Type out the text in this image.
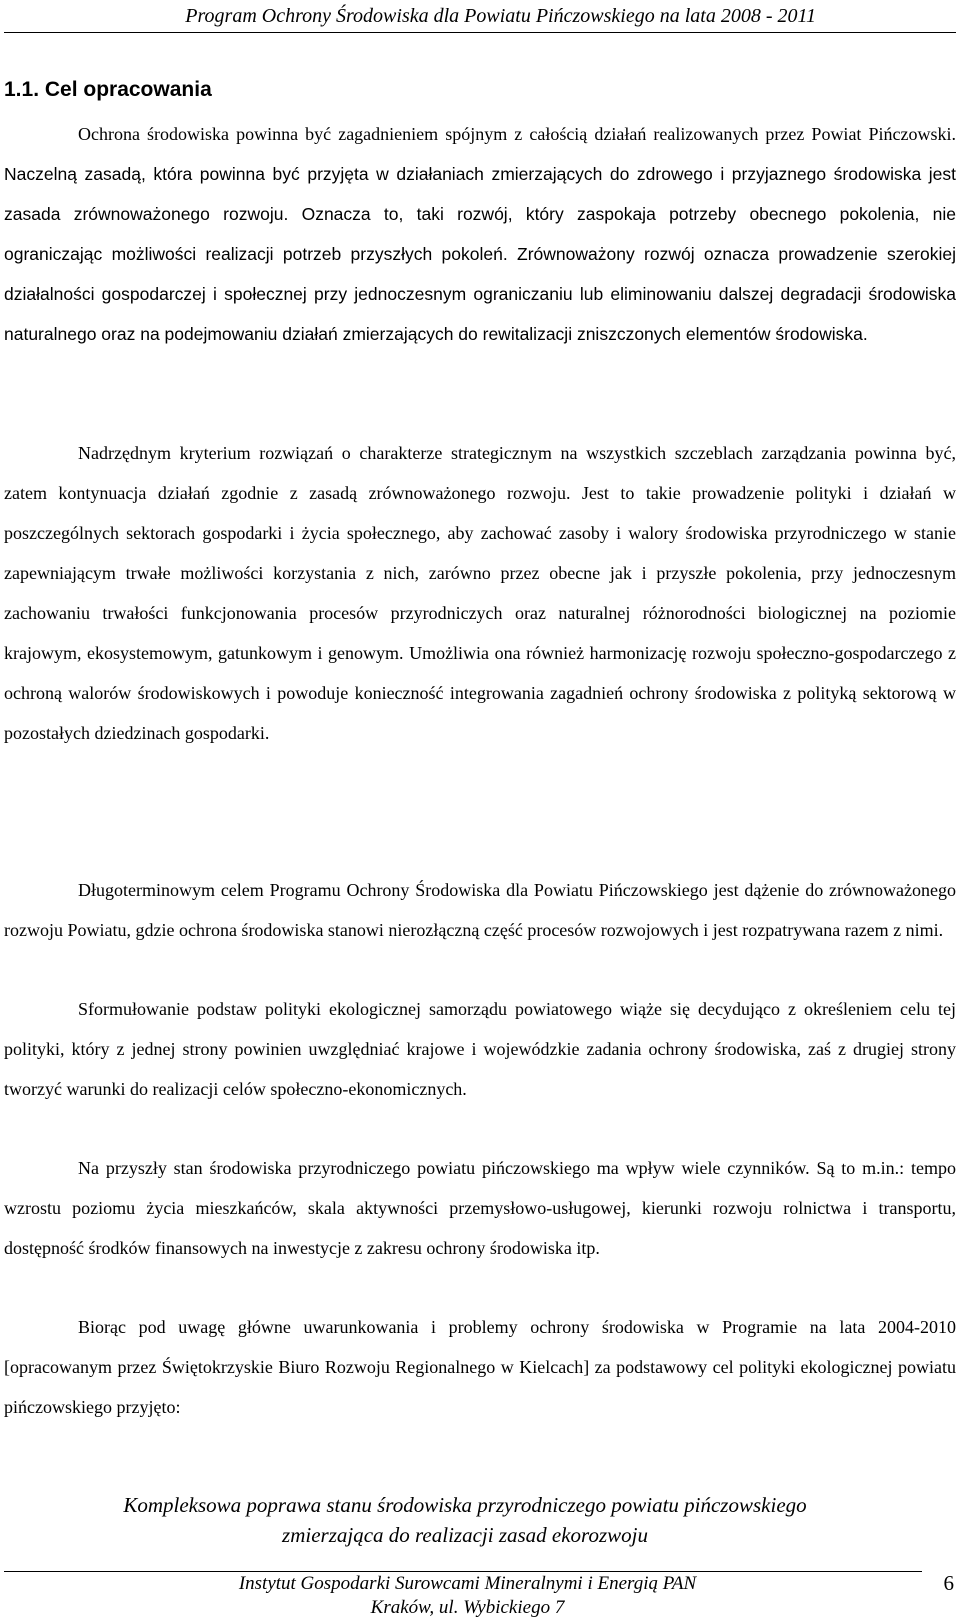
Program Ochrony Środowiska dla Powiatu Pińczowskiego na lata 2008 - 2011
1.1. Cel opracowania

Ochrona środowiska powinna być zagadnieniem spójnym z całością działań realizowanych przez Powiat Pińczowski. Naczelną zasadą, która powinna być przyjęta w działaniach zmierzających do zdrowego i przyjaznego środowiska jest zasada zrównoważonego rozwoju. Oznacza to, taki rozwój, który zaspokaja potrzeby obecnego pokolenia, nie ograniczając możliwości realizacji potrzeb przyszłych pokoleń. Zrównoważony rozwój oznacza prowadzenie szerokiej działalności gospodarczej i społecznej przy jednoczesnym ograniczaniu lub eliminowaniu dalszej degradacji środowiska naturalnego oraz na podejmowaniu działań zmierzających do rewitalizacji zniszczonych elementów środowiska.

Nadrzędnym kryterium rozwiązań o charakterze strategicznym na wszystkich szczeblach zarządzania powinna być, zatem kontynuacja działań zgodnie z zasadą zrównoważonego rozwoju. Jest to takie prowadzenie polityki i działań w poszczególnych sektorach gospodarki i życia społecznego, aby zachować zasoby i walory środowiska przyrodniczego w stanie zapewniającym trwałe możliwości korzystania z nich, zarówno przez obecne jak i przyszłe pokolenia, przy jednoczesnym zachowaniu trwałości funkcjonowania procesów przyrodniczych oraz naturalnej różnorodności biologicznej na poziomie krajowym, ekosystemowym, gatunkowym i genowym. Umożliwia ona również harmonizację rozwoju społeczno-gospodarczego z ochroną walorów środowiskowych i powoduje konieczność integrowania zagadnień ochrony środowiska z polityką sektorową w pozostałych dziedzinach gospodarki.

Długoterminowym celem Programu Ochrony Środowiska dla Powiatu Pińczowskiego jest dążenie do zrównoważonego rozwoju Powiatu, gdzie ochrona środowiska stanowi nierozłączną część procesów rozwojowych i jest rozpatrywana razem z nimi.

Sformułowanie podstaw polityki ekologicznej samorządu powiatowego wiąże się decydująco z określeniem celu tej polityki, który z jednej strony powinien uwzględniać krajowe i wojewódzkie zadania ochrony środowiska, zaś z drugiej strony tworzyć warunki do realizacji celów społeczno-ekonomicznych.

Na przyszły stan środowiska przyrodniczego powiatu pińczowskiego ma wpływ wiele czynników. Są to m.in.: tempo wzrostu poziomu życia mieszkańców, skala aktywności przemysłowo-usługowej, kierunki rozwoju rolnictwa i transportu, dostępność środków finansowych na inwestycje z zakresu ochrony środowiska itp.

Biorąc pod uwagę główne uwarunkowania i problemy ochrony środowiska w Programie na lata 2004-2010 [opracowanym przez Świętokrzyskie Biuro Rozwoju Regionalnego w Kielcach] za podstawowy cel polityki ekologicznej powiatu pińczowskiego przyjęto:

Kompleksowa poprawa stanu środowiska przyrodniczego powiatu pińczowskiego
zmierzająca do realizacji zasad ekorozwoju
Instytut Gospodarki Surowcami Mineralnymi i Energią PAN
Kraków, ul. Wybickiego 7
6
